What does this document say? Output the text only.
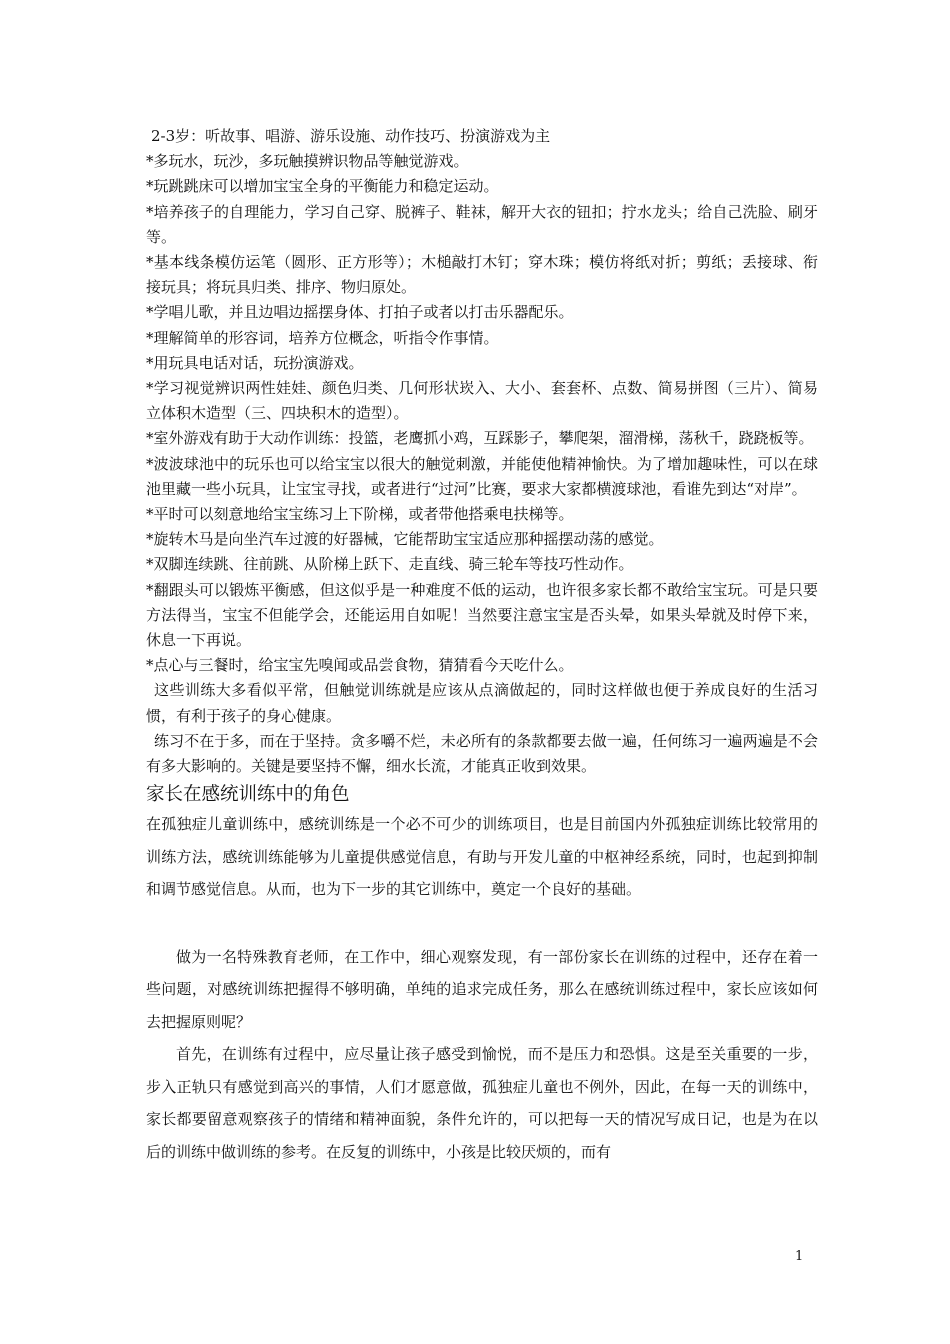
2-3岁：听故事、唱游、游乐设施、动作技巧、扮演游戏为主

*多玩水，玩沙，多玩触摸辨识物品等触觉游戏。

*玩跳跳床可以增加宝宝全身的平衡能力和稳定运动。

*培养孩子的自理能力，学习自己穿、脱裤子、鞋袜，解开大衣的钮扣；拧水龙头；给自己洗脸、刷牙等。

*基本线条模仿运笔（圆形、正方形等）；木槌敲打木钉；穿木珠；模仿将纸对折；剪纸；丢接球、衔接玩具；将玩具归类、排序、物归原处。

*学唱儿歌，并且边唱边摇摆身体、打拍子或者以打击乐器配乐。

*理解简单的形容词，培养方位概念，听指令作事情。

*用玩具电话对话，玩扮演游戏。

*学习视觉辨识两性娃娃、颜色归类、几何形状崁入、大小、套套杯、点数、简易拼图（三片）、简易立体积木造型（三、四块积木的造型）。

*室外游戏有助于大动作训练：投篮，老鹰抓小鸡，互踩影子，攀爬架，溜滑梯，荡秋千，跷跷板等。

*波波球池中的玩乐也可以给宝宝以很大的触觉刺激，并能使他精神愉快。为了增加趣味性，可以在球池里藏一些小玩具，让宝宝寻找，或者进行“过河”比赛，要求大家都横渡球池，看谁先到达“对岸”。

*平时可以刻意地给宝宝练习上下阶梯，或者带他搭乘电扶梯等。

*旋转木马是向坐汽车过渡的好器械，它能帮助宝宝适应那种摇摆动荡的感觉。

*双脚连续跳、往前跳、从阶梯上跃下、走直线、骑三轮车等技巧性动作。

*翻跟头可以锻炼平衡感，但这似乎是一种难度不低的运动，也许很多家长都不敢给宝宝玩。可是只要方法得当，宝宝不但能学会，还能运用自如呢！当然要注意宝宝是否头晕，如果头晕就及时停下来，休息一下再说。

*点心与三餐时，给宝宝先嗅闻或品尝食物，猜猜看今天吃什么。

这些训练大多看似平常，但触觉训练就是应该从点滴做起的，同时这样做也便于养成良好的生活习惯，有利于孩子的身心健康。

练习不在于多，而在于坚持。贪多嚼不烂，未必所有的条款都要去做一遍，任何练习一遍两遍是不会有多大影响的。关键是要坚持不懈，细水长流，才能真正收到效果。

家长在感统训练中的角色

在孤独症儿童训练中，感统训练是一个必不可少的训练项目，也是目前国内外孤独症训练比较常用的训练方法，感统训练能够为儿童提供感觉信息，有助与开发儿童的中枢神经系统，同时，也起到抑制和调节感觉信息。从而，也为下一步的其它训练中，奠定一个良好的基础。

做为一名特殊教育老师，在工作中，细心观察发现，有一部份家长在训练的过程中，还存在着一些问题，对感统训练把握得不够明确，单纯的追求完成任务，那么在感统训练过程中，家长应该如何去把握原则呢？

首先，在训练有过程中，应尽量让孩子感受到愉悦，而不是压力和恐惧。这是至关重要的一步，步入正轨只有感觉到高兴的事情，人们才愿意做，孤独症儿童也不例外，因此，在每一天的训练中，家长都要留意观察孩子的情绪和精神面貌，条件允许的，可以把每一天的情况写成日记，也是为在以后的训练中做训练的参考。在反复的训练中，小孩是比较厌烦的，而有

1
